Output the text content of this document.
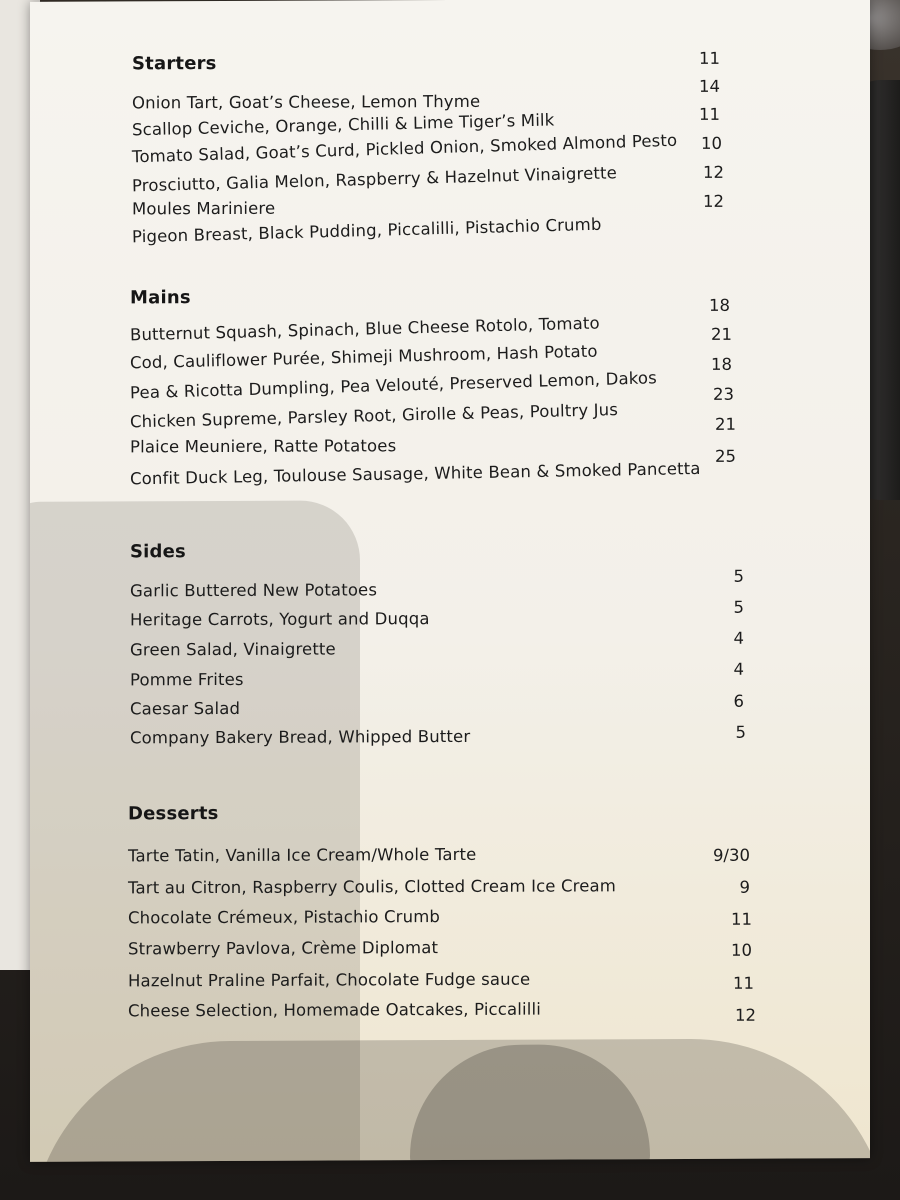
Starters
Onion Tart, Goat’s Cheese, Lemon Thyme
Scallop Ceviche, Orange, Chilli & Lime Tiger’s Milk
Tomato Salad, Goat’s Curd, Pickled Onion, Smoked Almond Pesto
Prosciutto, Galia Melon, Raspberry & Hazelnut Vinaigrette
Moules Mariniere
Pigeon Breast, Black Pudding, Piccalilli, Pistachio Crumb
11
14
11
10
12
12
Mains
Butternut Squash, Spinach, Blue Cheese Rotolo, Tomato
Cod, Cauliflower Purée, Shimeji Mushroom, Hash Potato
Pea & Ricotta Dumpling, Pea Velouté, Preserved Lemon, Dakos
Chicken Supreme, Parsley Root, Girolle & Peas, Poultry Jus
Plaice Meuniere, Ratte Potatoes
Confit Duck Leg, Toulouse Sausage, White Bean & Smoked Pancetta
18
21
18
23
21
25
Sides
Garlic Buttered New Potatoes
Heritage Carrots, Yogurt and Duqqa
Green Salad, Vinaigrette
Pomme Frites
Caesar Salad
Company Bakery Bread, Whipped Butter
5
5
4
4
6
5
Desserts
Tarte Tatin, Vanilla Ice Cream/Whole Tarte
Tart au Citron, Raspberry Coulis, Clotted Cream Ice Cream
Chocolate Crémeux, Pistachio Crumb
Strawberry Pavlova, Crème Diplomat
Hazelnut Praline Parfait, Chocolate Fudge sauce
Cheese Selection, Homemade Oatcakes, Piccalilli
9/30
9
11
10
11
12
